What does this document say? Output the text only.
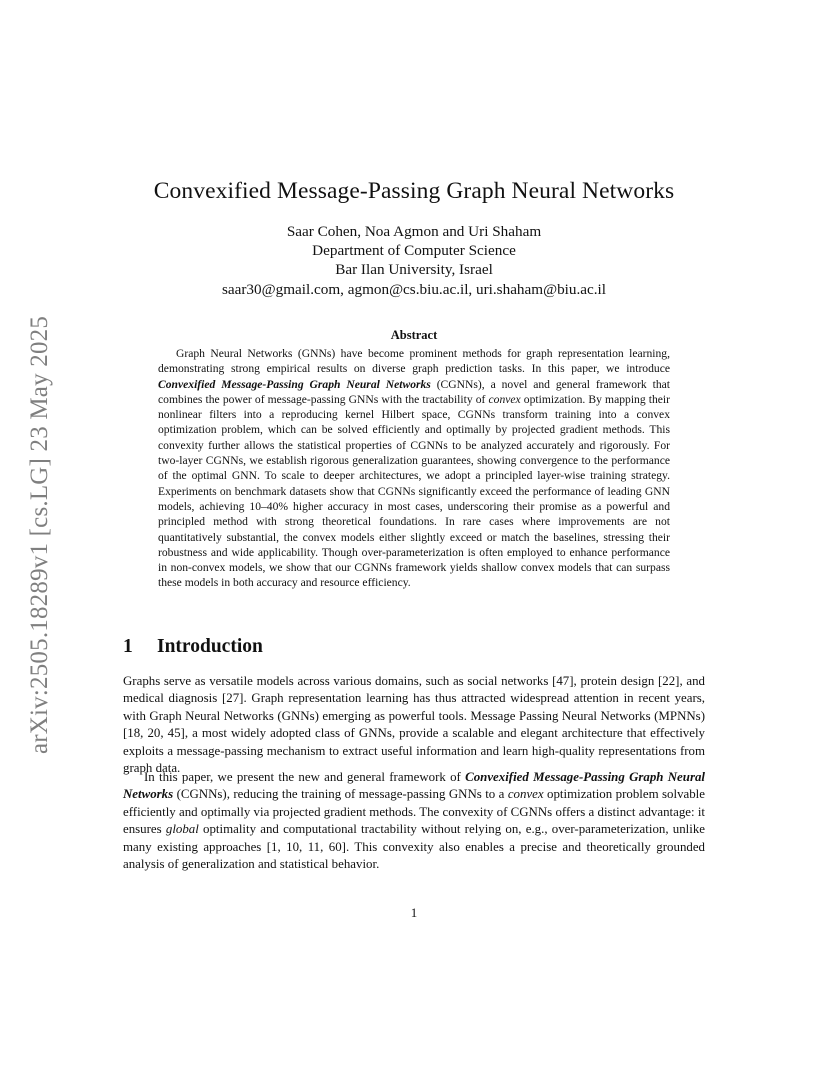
arXiv:2505.18289v1 [cs.LG] 23 May 2025
Convexified Message-Passing Graph Neural Networks
Saar Cohen, Noa Agmon and Uri Shaham
Department of Computer Science
Bar Ilan University, Israel
saar30@gmail.com, agmon@cs.biu.ac.il, uri.shaham@biu.ac.il
Abstract

Graph Neural Networks (GNNs) have become prominent methods for graph representation learning, demonstrating strong empirical results on diverse graph prediction tasks. In this paper, we introduce Convexified Message-Passing Graph Neural Networks (CGNNs), a novel and general framework that combines the power of message-passing GNNs with the tractability of convex optimization. By mapping their nonlinear filters into a reproducing kernel Hilbert space, CGNNs transform training into a convex optimization problem, which can be solved efficiently and optimally by projected gradient methods. This convexity further allows the statistical properties of CGNNs to be analyzed accurately and rigorously. For two-layer CGNNs, we establish rigorous generalization guarantees, showing convergence to the performance of the optimal GNN. To scale to deeper architectures, we adopt a principled layer-wise training strategy. Experiments on benchmark datasets show that CGNNs significantly exceed the performance of leading GNN models, achieving 10–40% higher accuracy in most cases, underscoring their promise as a powerful and principled method with strong theoretical foundations. In rare cases where improvements are not quantitatively substantial, the convex models either slightly exceed or match the baselines, stressing their robustness and wide applicability. Though over-parameterization is often employed to enhance performance in non-convex models, we show that our CGNNs framework yields shallow convex models that can surpass these models in both accuracy and resource efficiency.

1 Introduction

Graphs serve as versatile models across various domains, such as social networks [47], protein design [22], and medical diagnosis [27]. Graph representation learning has thus attracted widespread attention in recent years, with Graph Neural Networks (GNNs) emerging as powerful tools. Message Passing Neural Networks (MPNNs) [18, 20, 45], a most widely adopted class of GNNs, provide a scalable and elegant architecture that effectively exploits a message-passing mechanism to extract useful information and learn high-quality representations from graph data.

In this paper, we present the new and general framework of Convexified Message-Passing Graph Neural Networks (CGNNs), reducing the training of message-passing GNNs to a convex optimization problem solvable efficiently and optimally via projected gradient methods. The convexity of CGNNs offers a distinct advantage: it ensures global optimality and computational tractability without relying on, e.g., over-parameterization, unlike many existing approaches [1, 10, 11, 60]. This convexity also enables a precise and theoretically grounded analysis of generalization and statistical behavior.

1
